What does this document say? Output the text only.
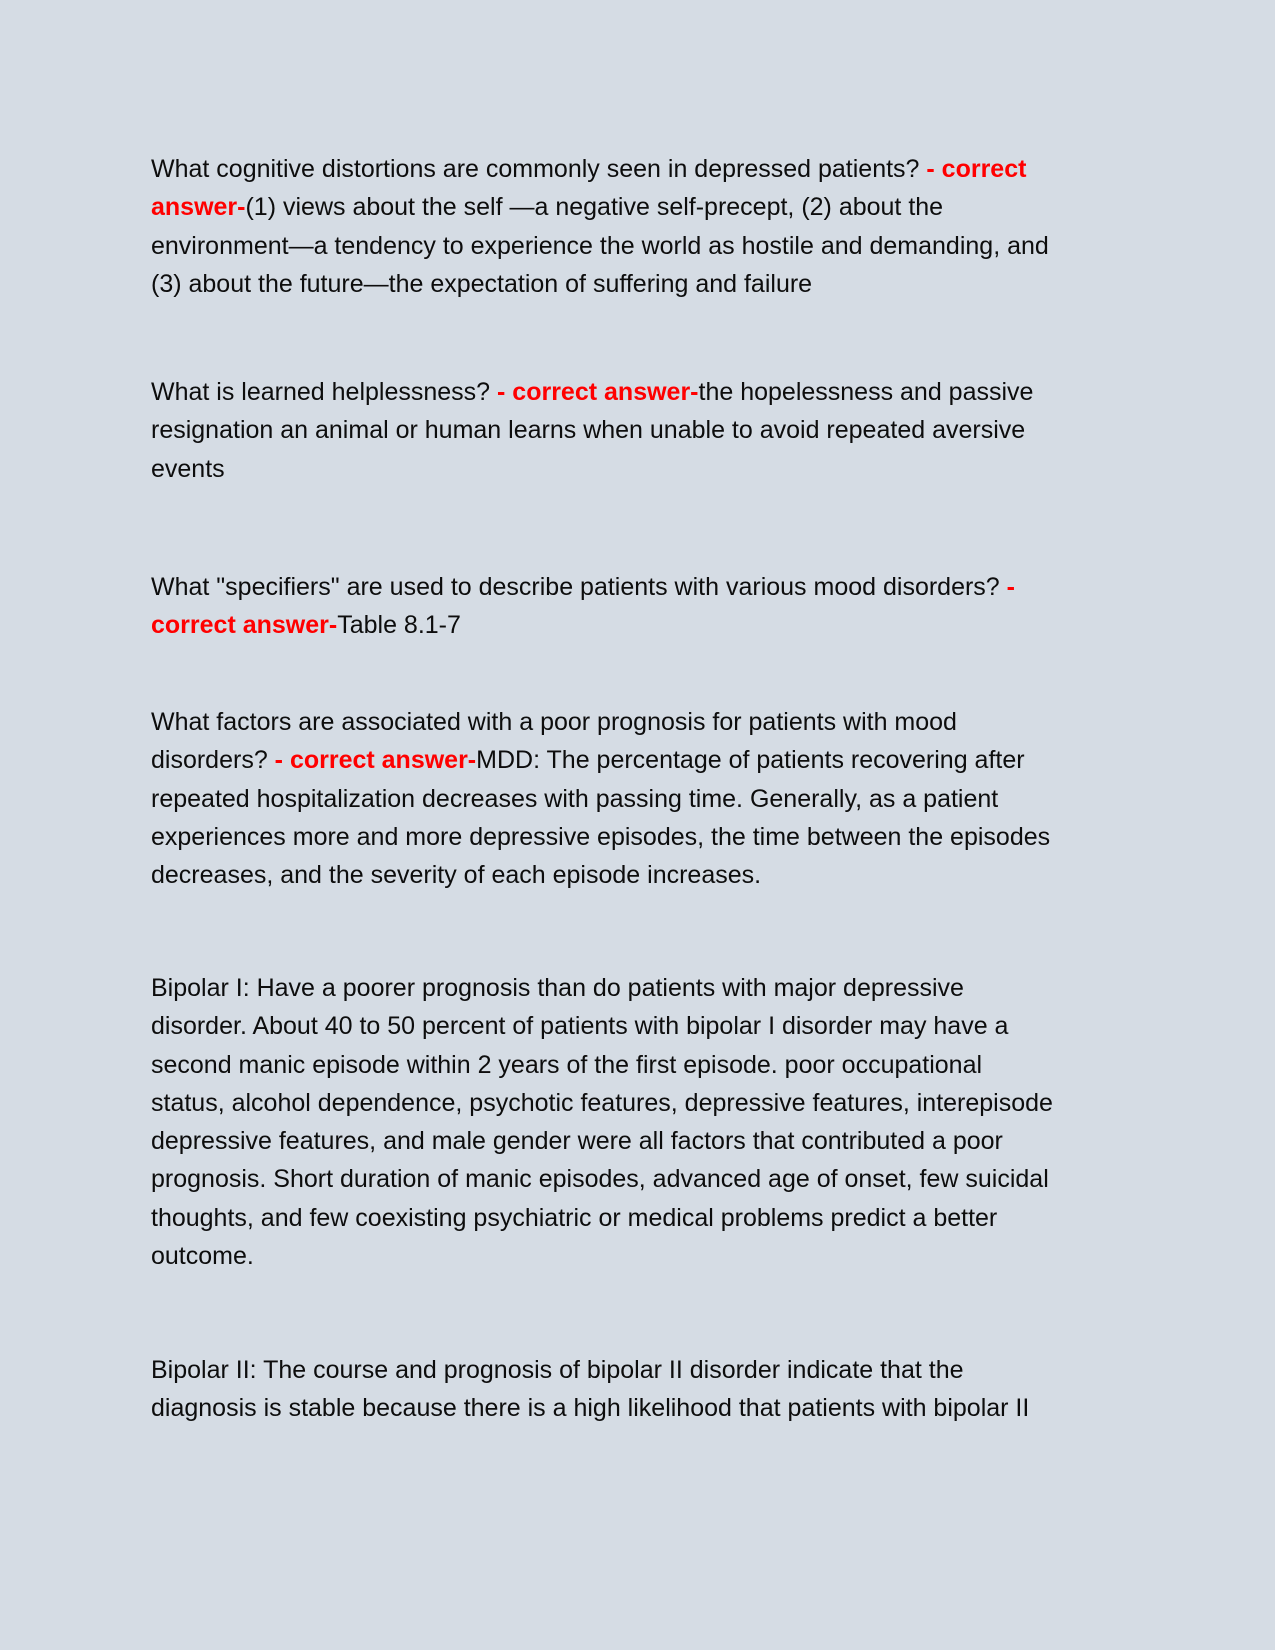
What cognitive distortions are commonly seen in depressed patients? - correct
answer-(1) views about the self —a negative self-precept, (2) about the
environment—a tendency to experience the world as hostile and demanding, and
(3) about the future—the expectation of suffering and failure
What is learned helplessness? - correct answer-the hopelessness and passive
resignation an animal or human learns when unable to avoid repeated aversive
events
What "specifiers" are used to describe patients with various mood disorders? -
correct answer-Table 8.1-7
What factors are associated with a poor prognosis for patients with mood
disorders? - correct answer-MDD: The percentage of patients recovering after
repeated hospitalization decreases with passing time. Generally, as a patient
experiences more and more depressive episodes, the time between the episodes
decreases, and the severity of each episode increases.
Bipolar I: Have a poorer prognosis than do patients with major depressive
disorder. About 40 to 50 percent of patients with bipolar I disorder may have a
second manic episode within 2 years of the first episode. poor occupational
status, alcohol dependence, psychotic features, depressive features, interepisode
depressive features, and male gender were all factors that contributed a poor
prognosis. Short duration of manic episodes, advanced age of onset, few suicidal
thoughts, and few coexisting psychiatric or medical problems predict a better
outcome.
Bipolar II: The course and prognosis of bipolar II disorder indicate that the
diagnosis is stable because there is a high likelihood that patients with bipolar II
